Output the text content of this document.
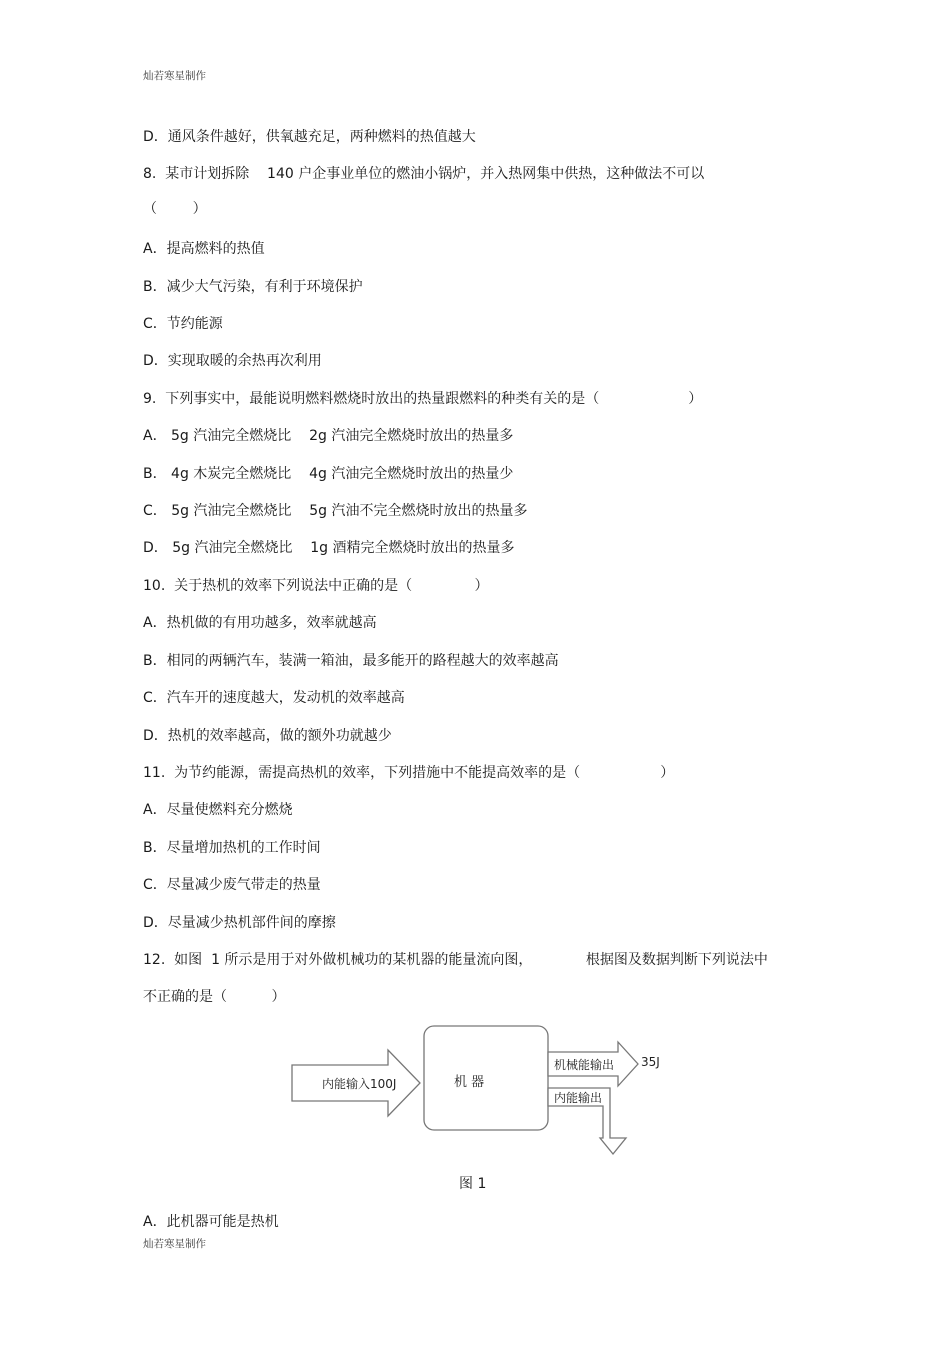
灿若寒星制作
D．通风条件越好，供氧越充足，两种燃料的热值越大
8.  某市计划拆除    140 户企事业单位的燃油小锅炉，并入热网集中供热，这种做法不可以
（        ）
A．提高燃料的热值
B．减少大气污染，有利于环境保护
C．节约能源
D．实现取暖的余热再次利用
9.  下列事实中，最能说明燃料燃烧时放出的热量跟燃料的种类有关的是（                    ）
A． 5g 汽油完全燃烧比    2g 汽油完全燃烧时放出的热量多
B． 4g 木炭完全燃烧比    4g 汽油完全燃烧时放出的热量少
C． 5g 汽油完全燃烧比    5g 汽油不完全燃烧时放出的热量多
D． 5g 汽油完全燃烧比    1g 酒精完全燃烧时放出的热量多
10.  关于热机的效率下列说法中正确的是（              ）
A．热机做的有用功越多，效率就越高
B．相同的两辆汽车，装满一箱油，最多能开的路程越大的效率越高
C．汽车开的速度越大，发动机的效率越高
D．热机的效率越高，做的额外功就越少
11.  为节约能源，需提高热机的效率，下列措施中不能提高效率的是（                  ）
A．尽量使燃料充分燃烧
B．尽量增加热机的工作时间
C．尽量减少废气带走的热量
D．尽量减少热机部件间的摩擦
12.  如图  1 所示是用于对外做机械功的某机器的能量流向图，            根据图及数据判断下列说法中
不正确的是（          ）
内能输入100J	机 器
机械能输出 35J
内能输出
图 1
A．此机器可能是热机
灿若寒星制作
